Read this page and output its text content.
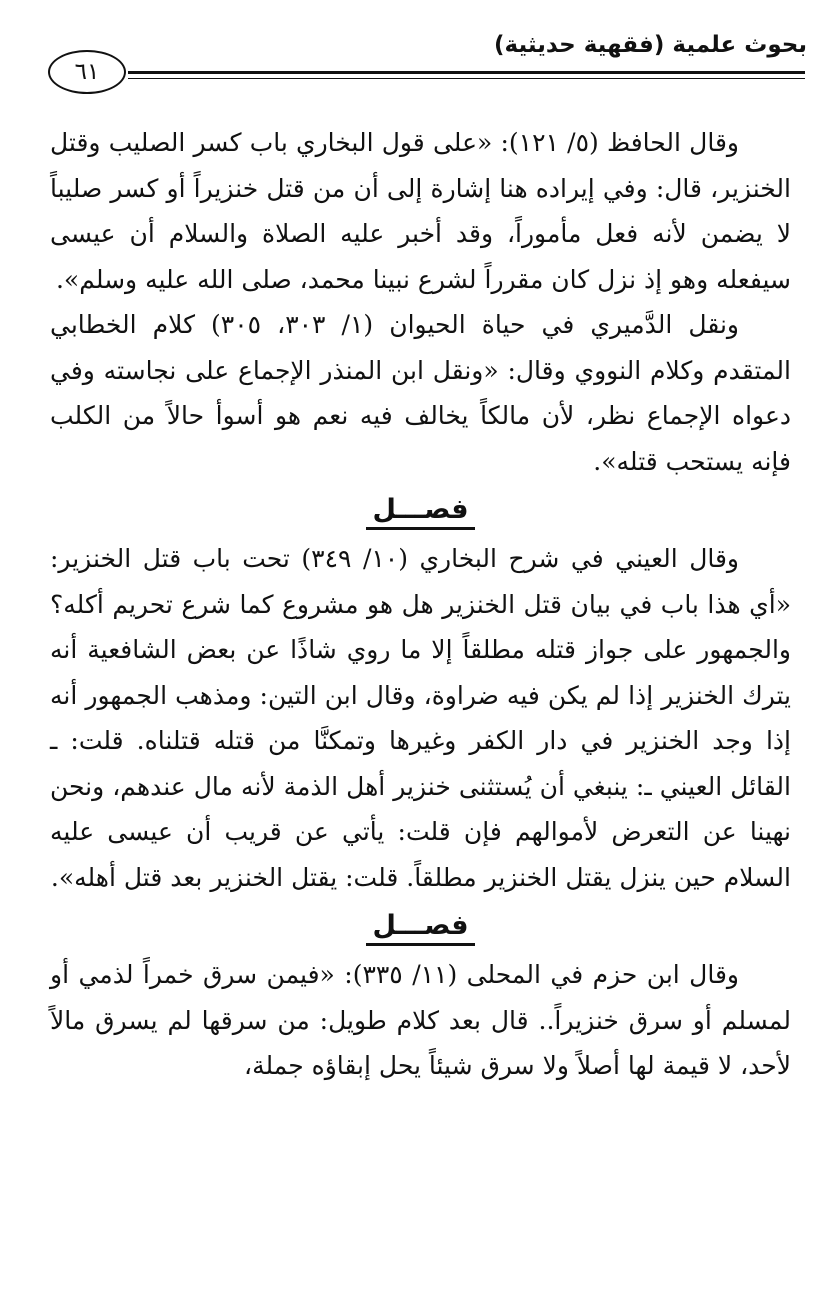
بحوث علمية (فقهية حديثية)
٦١

وقال الحافظ (٥/ ١٢١): «على قول البخاري باب كسر الصليب وقتل الخنزير، قال: وفي إيراده هنا إشارة إلى أن من قتل خنزيراً أو كسر صليباً لا يضمن لأنه فعل مأموراً، وقد أخبر عليه الصلاة والسلام أن عيسى سيفعله وهو إذ نزل كان مقرراً لشرع نبينا محمد، صلى الله عليه وسلم».

ونقل الدَّميري في حياة الحيوان (١/ ٣٠٣، ٣٠٥) كلام الخطابي المتقدم وكلام النووي وقال: «ونقل ابن المنذر الإجماع على نجاسته وفي دعواه الإجماع نظر، لأن مالكاً يخالف فيه نعم هو أسوأ حالاً من الكلب فإنه يستحب قتله».

فصـــل

وقال العيني في شرح البخاري (١٠/ ٣٤٩) تحت باب قتل الخنزير: «أي هذا باب في بيان قتل الخنزير هل هو مشروع كما شرع تحريم أكله؟ والجمهور على جواز قتله مطلقاً إلا ما روي شاذًا عن بعض الشافعية أنه يترك الخنزير إذا لم يكن فيه ضراوة، وقال ابن التين: ومذهب الجمهور أنه إذا وجد الخنزير في دار الكفر وغيرها وتمكنَّا من قتله قتلناه. قلت: ـ القائل العيني ـ: ينبغي أن يُستثنى خنزير أهل الذمة لأنه مال عندهم، ونحن نهينا عن التعرض لأموالهم فإن قلت: يأتي عن قريب أن عيسى عليه السلام حين ينزل يقتل الخنزير مطلقاً. قلت: يقتل الخنزير بعد قتل أهله».

فصـــل

وقال ابن حزم في المحلى (١١/ ٣٣٥): «فيمن سرق خمراً لذمي أو لمسلم أو سرق خنزيراً.. قال بعد كلام طويل: من سرقها لم يسرق مالاً لأحد، لا قيمة لها أصلاً ولا سرق شيئاً يحل إبقاؤه جملة،
